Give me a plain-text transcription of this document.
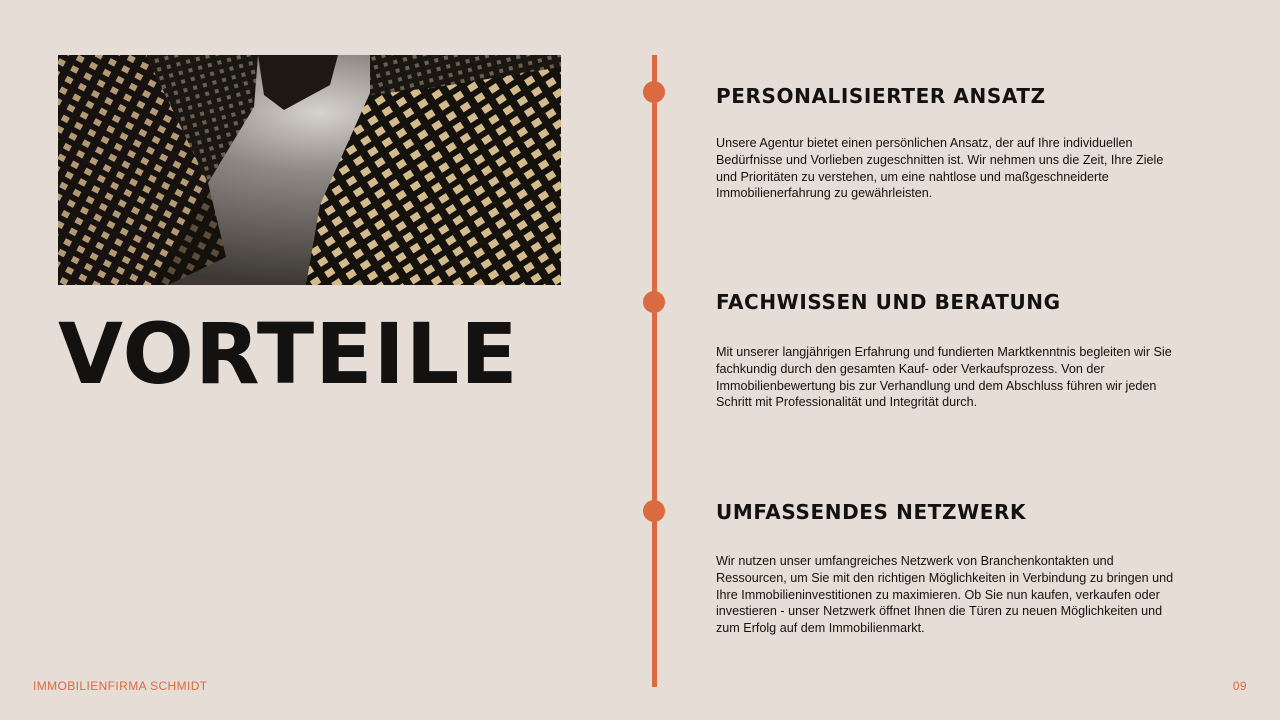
VORTEILE
PERSONALISIERTER ANSATZ

Unsere Agentur bietet einen persönlichen Ansatz, der auf Ihre individuellen Bedürfnisse und Vorlieben zugeschnitten ist. Wir nehmen uns die Zeit, Ihre Ziele und Prioritäten zu verstehen, um eine nahtlose und maßgeschneiderte Immobilienerfahrung zu gewährleisten.

FACHWISSEN UND BERATUNG

Mit unserer langjährigen Erfahrung und fundierten Marktkenntnis begleiten wir Sie fachkundig durch den gesamten Kauf- oder Verkaufsprozess. Von der Immobilienbewertung bis zur Verhandlung und dem Abschluss führen wir jeden Schritt mit Professionalität und Integrität durch.

UMFASSENDES NETZWERK

Wir nutzen unser umfangreiches Netzwerk von Branchenkontakten und Ressourcen, um Sie mit den richtigen Möglichkeiten in Verbindung zu bringen und Ihre Immobilieninvestitionen zu maximieren. Ob Sie nun kaufen, verkaufen oder investieren - unser Netzwerk öffnet Ihnen die Türen zu neuen Möglichkeiten und zum Erfolg auf dem Immobilienmarkt.

IMMOBILIENFIRMA SCHMIDT	09
